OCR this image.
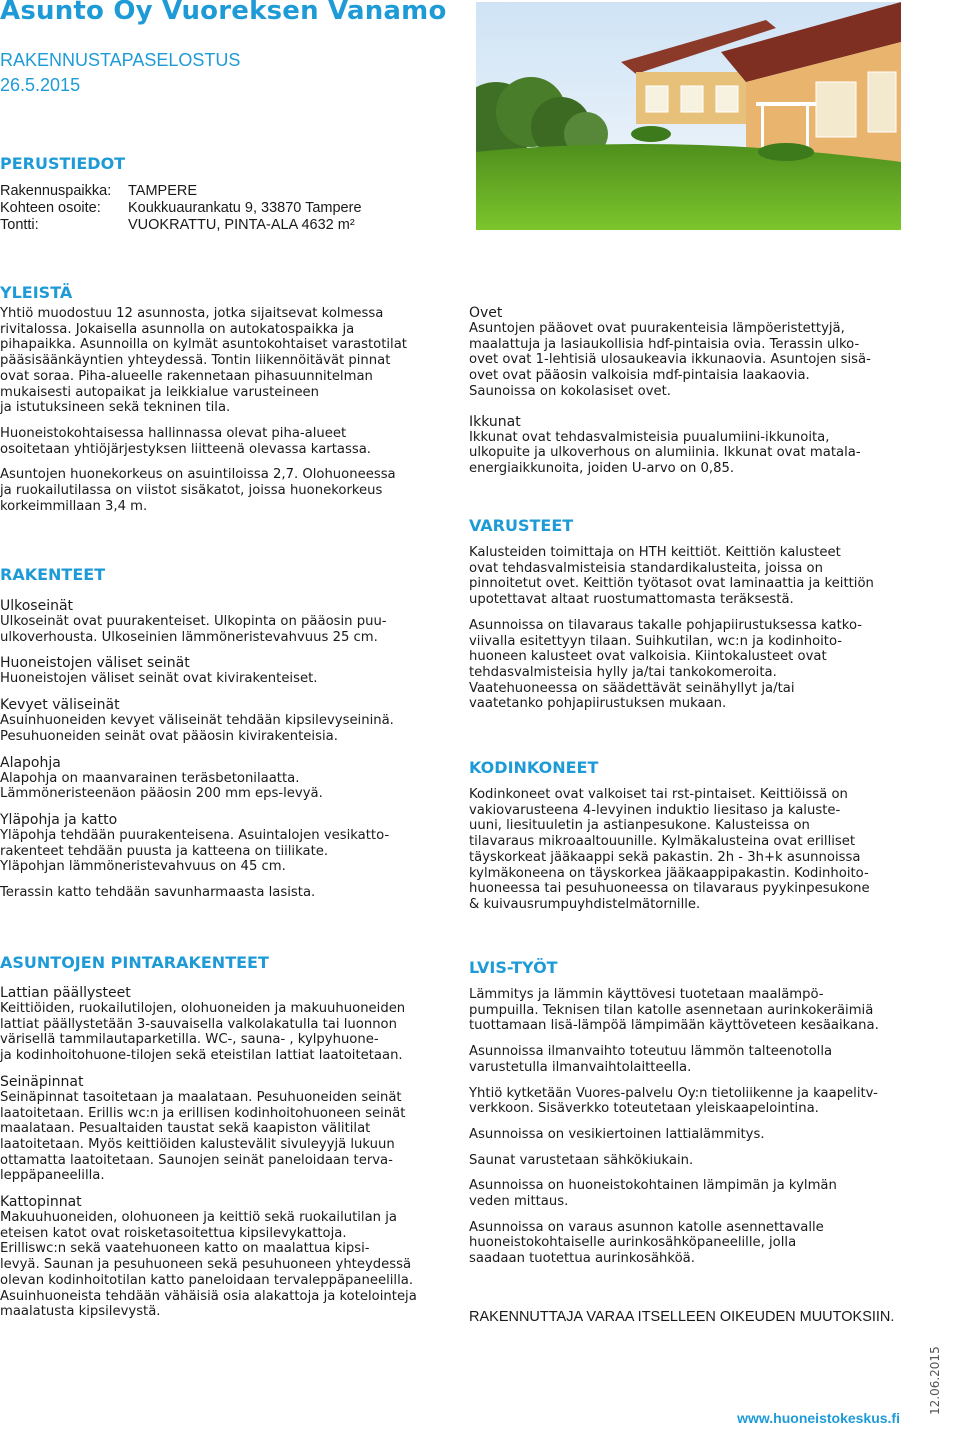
Asunto Oy Vuoreksen Vanamo
RAKENNUSTAPASELOSTUS
26.5.2015
PERUSTIEDOT
Rakennuspaikka:	TAMPERE
Kohteen osoite:	Koukkuaurankatu 9, 33870 Tampere
Tontti:	VUOKRATTU, PINTA-ALA 4632 m²
YLEISTÄ

Yhtiö muodostuu 12 asunnosta, jotka sijaitsevat kolmessa

rivitalossa. Jokaisella asunnolla on autokatospaikka ja

pihapaikka. Asunnoilla on kylmät asuntokohtaiset varastotilat

pääsisäänkäyntien yhteydessä. Tontin liikennöitävät pinnat

ovat soraa. Piha-alueelle rakennetaan pihasuunnitelman

mukaisesti autopaikat ja leikkialue varusteineen

ja istutuksineen sekä tekninen tila.

Huoneistokohtaisessa hallinnassa olevat piha-alueet

osoitetaan yhtiöjärjestyksen liitteenä olevassa kartassa.

Asuntojen huonekorkeus on asuintiloissa 2,7. Olohuoneessa

ja ruokailutilassa on viistot sisäkatot, joissa huonekorkeus

korkeimmillaan 3,4 m.

RAKENTEET
Ulkoseinät

Ulkoseinät ovat puurakenteiset. Ulkopinta on pääosin puu-

ulkoverhousta. Ulkoseinien lämmöneristevahvuus 25 cm.

Huoneistojen väliset seinät

Huoneistojen väliset seinät ovat kivirakenteiset.

Kevyet väliseinät

Asuinhuoneiden kevyet väliseinät tehdään kipsilevyseininä.

Pesuhuoneiden seinät ovat pääosin kivirakenteisia.

Alapohja

Alapohja on maanvarainen teräsbetonilaatta.

Lämmöneristeenäon pääosin 200 mm eps-levyä.

Yläpohja ja katto

Yläpohja tehdään puurakenteisena. Asuintalojen vesikatto-

rakenteet tehdään puusta ja katteena on tiilikate.

Yläpohjan lämmöneristevahvuus on 45 cm.

Terassin katto tehdään savunharmaasta lasista.

ASUNTOJEN PINTARAKENTEET
Lattian päällysteet

Keittiöiden, ruokailutilojen, olohuoneiden ja makuuhuoneiden

lattiat päällystetään 3-sauvaisella valkolakatulla tai luonnon

värisellä tammilautaparketilla. WC-, sauna- , kylpyhuone-

ja kodinhoitohuone-tilojen sekä eteistilan lattiat laatoitetaan.

Seinäpinnat

Seinäpinnat tasoitetaan ja maalataan. Pesuhuoneiden seinät

laatoitetaan. Erillis wc:n ja erillisen kodinhoitohuoneen seinät

maalataan. Pesualtaiden taustat sekä kaapiston välitilat

laatoitetaan. Myös keittiöiden kalustevälit sivuleyyjä lukuun

ottamatta laatoitetaan. Saunojen seinät paneloidaan terva-

leppäpaneelilla.

Kattopinnat

Makuuhuoneiden, olohuoneen ja keittiö sekä ruokailutilan ja

eteisen katot ovat roisketasoitettua kipsilevykattoja.

Erilliswc:n sekä vaatehuoneen katto on maalattua kipsi-

levyä. Saunan ja pesuhuoneen sekä pesuhuoneen yhteydessä

olevan kodinhoitotilan katto paneloidaan tervaleppäpaneelilla.

Asuinhuoneista tehdään vähäisiä osia alakattoja ja kotelointeja

maalatusta kipsilevystä.

Ovet

Asuntojen pääovet ovat puurakenteisia lämpöeristettyjä,

maalattuja ja lasiaukollisia hdf-pintaisia ovia. Terassin ulko-

ovet ovat 1-lehtisiä ulosaukeavia ikkunaovia. Asuntojen sisä-

ovet ovat pääosin valkoisia mdf-pintaisia laakaovia.

Saunoissa on kokolasiset ovet.

Ikkunat

Ikkunat ovat tehdasvalmisteisia puualumiini-ikkunoita,

ulkopuite ja ulkoverhous on alumiinia. Ikkunat ovat matala-

energiaikkunoita, joiden U-arvo on 0,85.

VARUSTEET

Kalusteiden toimittaja on HTH keittiöt. Keittiön kalusteet

ovat tehdasvalmisteisia standardikalusteita, joissa on

pinnoitetut ovet. Keittiön työtasot ovat laminaattia ja keittiön

upotettavat altaat ruostumattomasta teräksestä.

Asunnoissa on tilavaraus takalle pohjapiirustuksessa katko-

viivalla esitettyyn tilaan. Suihkutilan, wc:n ja kodinhoito-

huoneen kalusteet ovat valkoisia. Kiintokalusteet ovat

tehdasvalmisteisia hylly ja/tai tankokomeroita.

Vaatehuoneessa on säädettävät seinähyllyt ja/tai

vaatetanko pohjapiirustuksen mukaan.

KODINKONEET

Kodinkoneet ovat valkoiset tai rst-pintaiset. Keittiöissä on

vakiovarusteena 4-levyinen induktio liesitaso ja kaluste-

uuni, liesituuletin ja astianpesukone. Kalusteissa on

tilavaraus mikroaaltouunille. Kylmäkalusteina ovat erilliset

täyskorkeat jääkaappi sekä pakastin. 2h - 3h+k asunnoissa

kylmäkoneena on täyskorkea jääkaappipakastin. Kodinhoito-

huoneessa tai pesuhuoneessa on tilavaraus pyykinpesukone

& kuivausrumpuyhdistelmätornille.

LVIS-TYÖT

Lämmitys ja lämmin käyttövesi tuotetaan maalämpö-

pumpuilla. Teknisen tilan katolle asennetaan aurinkokeräimiä

tuottamaan lisä-lämpöä lämpimään käyttöveteen kesäaikana.

Asunnoissa ilmanvaihto toteutuu lämmön talteenotolla

varustetulla ilmanvaihtolaitteella.

Yhtiö kytketään Vuores-palvelu Oy:n tietoliikenne ja kaapelitv-

verkkoon. Sisäverkko toteutetaan yleiskaapelointina.

Asunnoissa on vesikiertoinen lattialämmitys.

Saunat varustetaan sähkökiukain.

Asunnoissa on huoneistokohtainen lämpimän ja kylmän

veden mittaus.

Asunnoissa on varaus asunnon katolle asennettavalle

huoneistokohtaiselle aurinkosähköpaneelille, jolla

saadaan tuotettua aurinkosähköä.

RAKENNUTTAJA VARAA ITSELLEEN OIKEUDEN MUUTOKSIIN.
www.huoneistokeskus.fi
12.06.2015
